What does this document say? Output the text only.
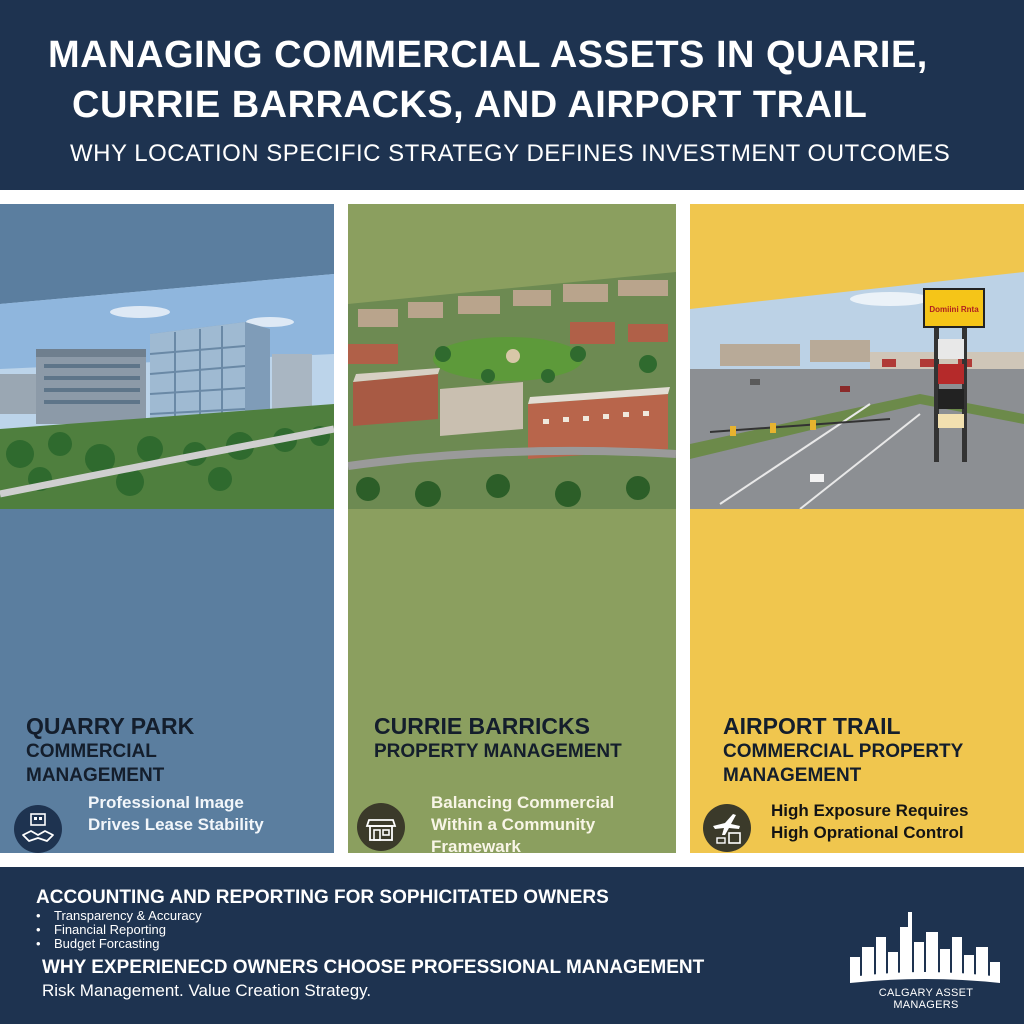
MANAGING COMMERCIAL ASSETS IN QUARIE,
CURRIE BARRACKS, AND AIRPORT TRAIL
WHY LOCATION SPECIFIC STRATEGY DEFINES INVESTMENT OUTCOMES
QUARRY PARK
COMMERCIAL
MANAGEMENT
Professional Image
Drives Lease Stability
CURRIE BARRICKS
PROPERTY MANAGEMENT
Balancing Commercial
Within a Community
Framewark
Domiini Rnta
AIRPORT TRAIL
COMMERCIAL PROPERTY
MANAGEMENT
High Exposure Requires
High Oprational Control
ACCOUNTING AND REPORTING FOR SOPHICITATED OWNERS
• Transparency & Accuracy
• Financial Reporting
• Budget Forcasting
WHY EXPERIENECD OWNERS CHOOSE PROFESSIONAL MANAGEMENT
Risk Management. Value Creation Strategy.	CALGARY ASSET MANAGERS
